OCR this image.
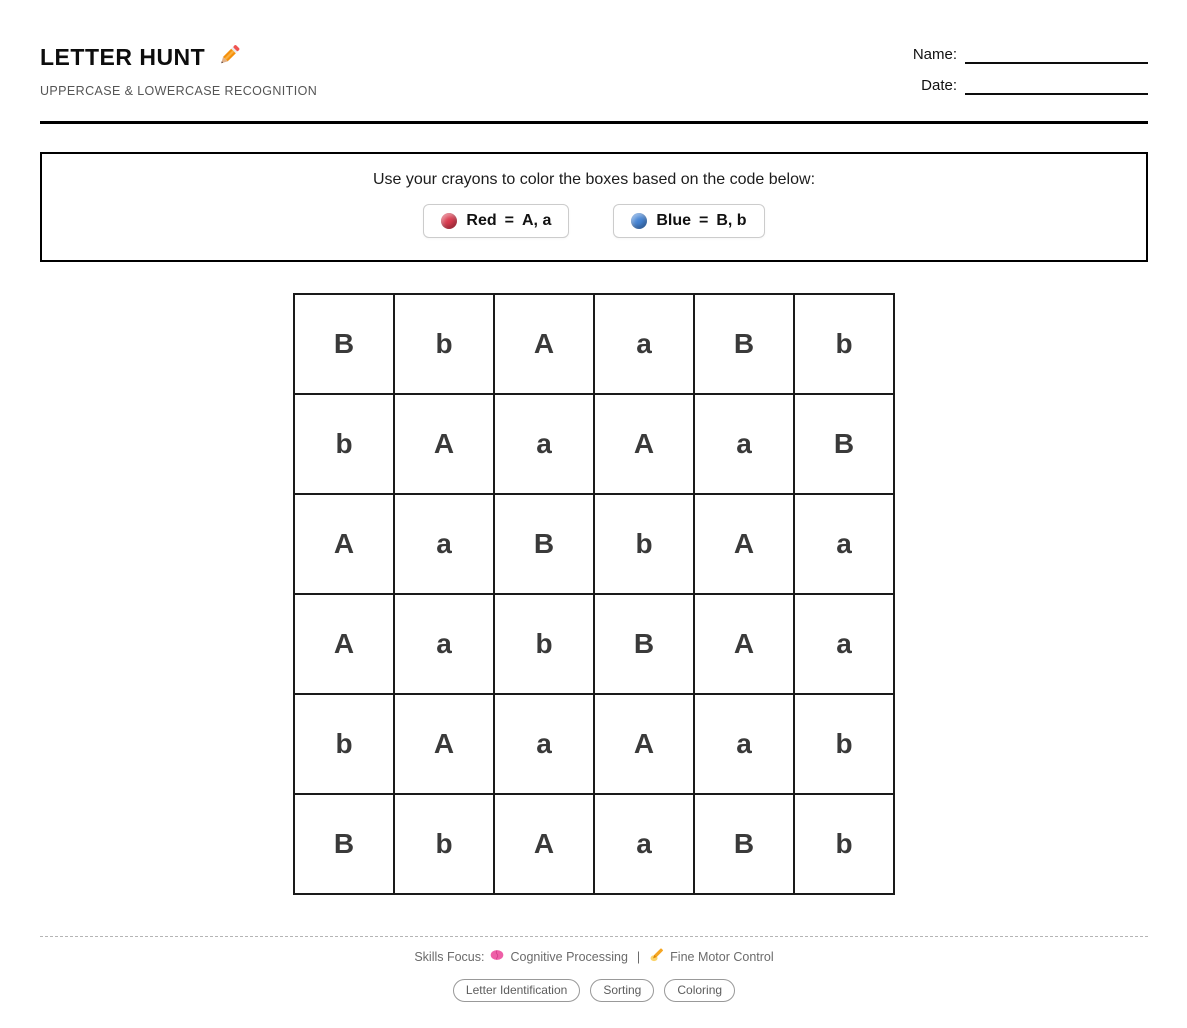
LETTER HUNT
UPPERCASE & LOWERCASE RECOGNITION
Name:
Date:
Use your crayons to color the boxes based on the code below:
Red = A, a	Blue = B, b
B	b	A	a	B	b
b	A	a	A	a	B
A	a	B	b	A	a
A	a	b	B	A	a
b	A	a	A	a	b
B	b	A	a	B	b
Skills Focus: Cognitive Processing | Fine Motor Control
Letter Identification	Sorting	Coloring
